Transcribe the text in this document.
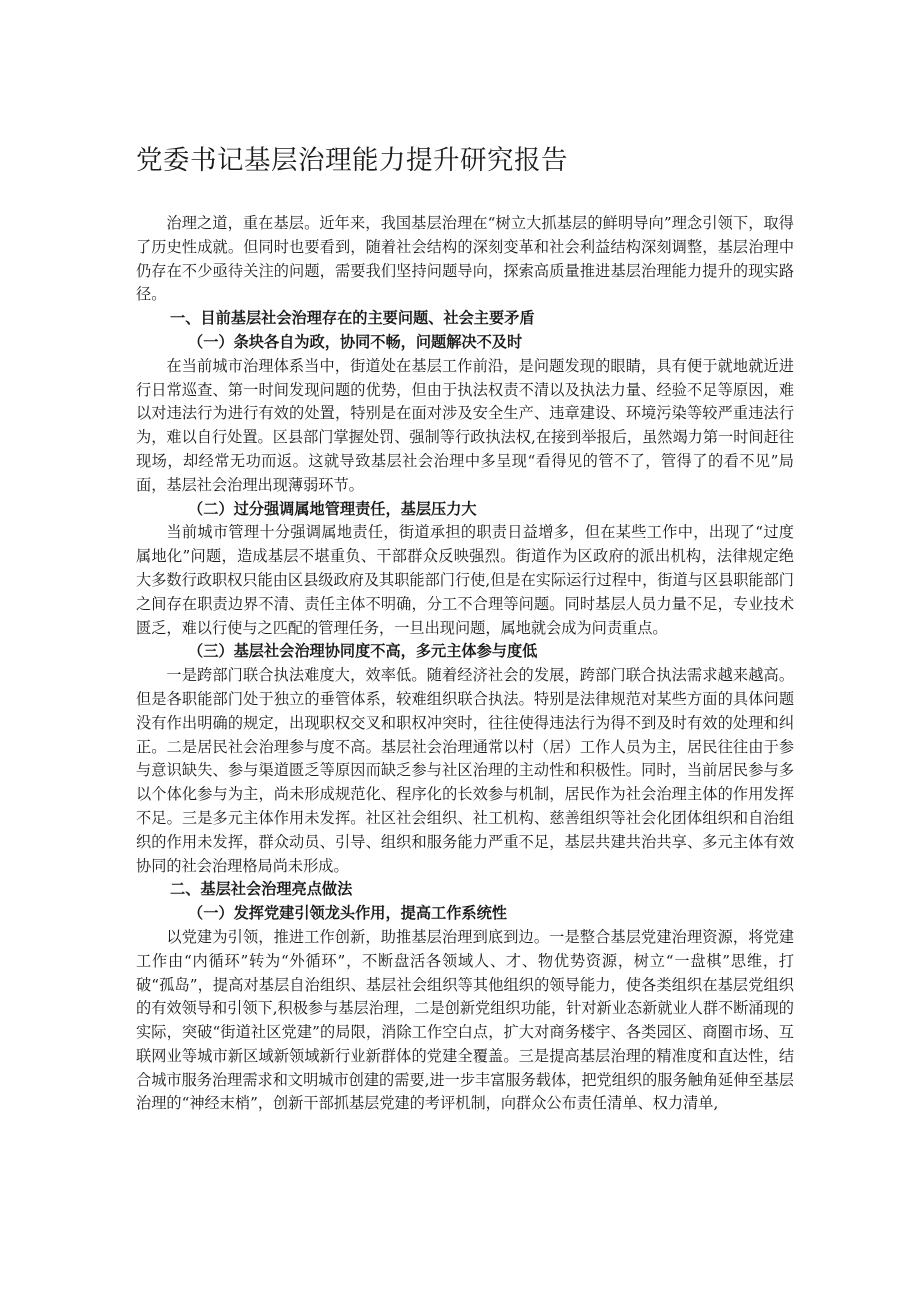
党委书记基层治理能力提升研究报告

治理之道，重在基层。近年来，我国基层治理在“树立大抓基层的鲜明导向”理念引领下，取得了历史性成就。但同时也要看到，随着社会结构的深刻变革和社会利益结构深刻调整，基层治理中仍存在不少亟待关注的问题，需要我们坚持问题导向，探索高质量推进基层治理能力提升的现实路径。

一、目前基层社会治理存在的主要问题、社会主要矛盾

（一）条块各自为政，协同不畅，问题解决不及时

在当前城市治理体系当中，街道处在基层工作前沿，是问题发现的眼睛，具有便于就地就近进行日常巡查、第一时间发现问题的优势，但由于执法权责不清以及执法力量、经验不足等原因，难以对违法行为进行有效的处置，特别是在面对涉及安全生产、违章建设、环境污染等较严重违法行为，难以自行处置。区县部门掌握处罚、强制等行政执法权,在接到举报后，虽然竭力第一时间赶往现场，却经常无功而返。这就导致基层社会治理中多呈现“看得见的管不了，管得了的看不见”局面，基层社会治理出现薄弱环节。

（二）过分强调属地管理责任，基层压力大

当前城市管理十分强调属地责任，街道承担的职责日益增多，但在某些工作中，出现了“过度属地化”问题，造成基层不堪重负、干部群众反映强烈。街道作为区政府的派出机构，法律规定绝大多数行政职权只能由区县级政府及其职能部门行使,但是在实际运行过程中，街道与区县职能部门之间存在职责边界不清、责任主体不明确，分工不合理等问题。同时基层人员力量不足，专业技术匮乏，难以行使与之匹配的管理任务，一旦出现问题，属地就会成为问责重点。

（三）基层社会治理协同度不高，多元主体参与度低

一是跨部门联合执法难度大，效率低。随着经济社会的发展，跨部门联合执法需求越来越高。但是各职能部门处于独立的垂管体系，较难组织联合执法。特别是法律规范对某些方面的具体问题没有作出明确的规定，出现职权交叉和职权冲突时，往往使得违法行为得不到及时有效的处理和纠正。二是居民社会治理参与度不高。基层社会治理通常以村（居）工作人员为主，居民往往由于参与意识缺失、参与渠道匮乏等原因而缺乏参与社区治理的主动性和积极性。同时，当前居民参与多以个体化参与为主，尚未形成规范化、程序化的长效参与机制，居民作为社会治理主体的作用发挥不足。三是多元主体作用未发挥。社区社会组织、社工机构、慈善组织等社会化团体组织和自治组织的作用未发挥，群众动员、引导、组织和服务能力严重不足，基层共建共治共享、多元主体有效协同的社会治理格局尚未形成。

二、基层社会治理亮点做法

（一）发挥党建引领龙头作用，提高工作系统性

以党建为引领，推进工作创新，助推基层治理到底到边。一是整合基层党建治理资源，将党建工作由“内循环”转为“外循环”，不断盘活各领域人、才、物优势资源，树立“一盘棋”思维，打破“孤岛”，提高对基层自治组织、基层社会组织等其他组织的领导能力，使各类组织在基层党组织的有效领导和引领下,积极参与基层治理，二是创新党组织功能，针对新业态新就业人群不断涌现的实际，突破“街道社区党建”的局限，消除工作空白点，扩大对商务楼宇、各类园区、商圈市场、互联网业等城市新区域新领域新行业新群体的党建全覆盖。三是提高基层治理的精准度和直达性，结合城市服务治理需求和文明城市创建的需要,进一步丰富服务载体，把党组织的服务触角延伸至基层治理的“神经末梢”，创新干部抓基层党建的考评机制，向群众公布责任清单、权力清单,
